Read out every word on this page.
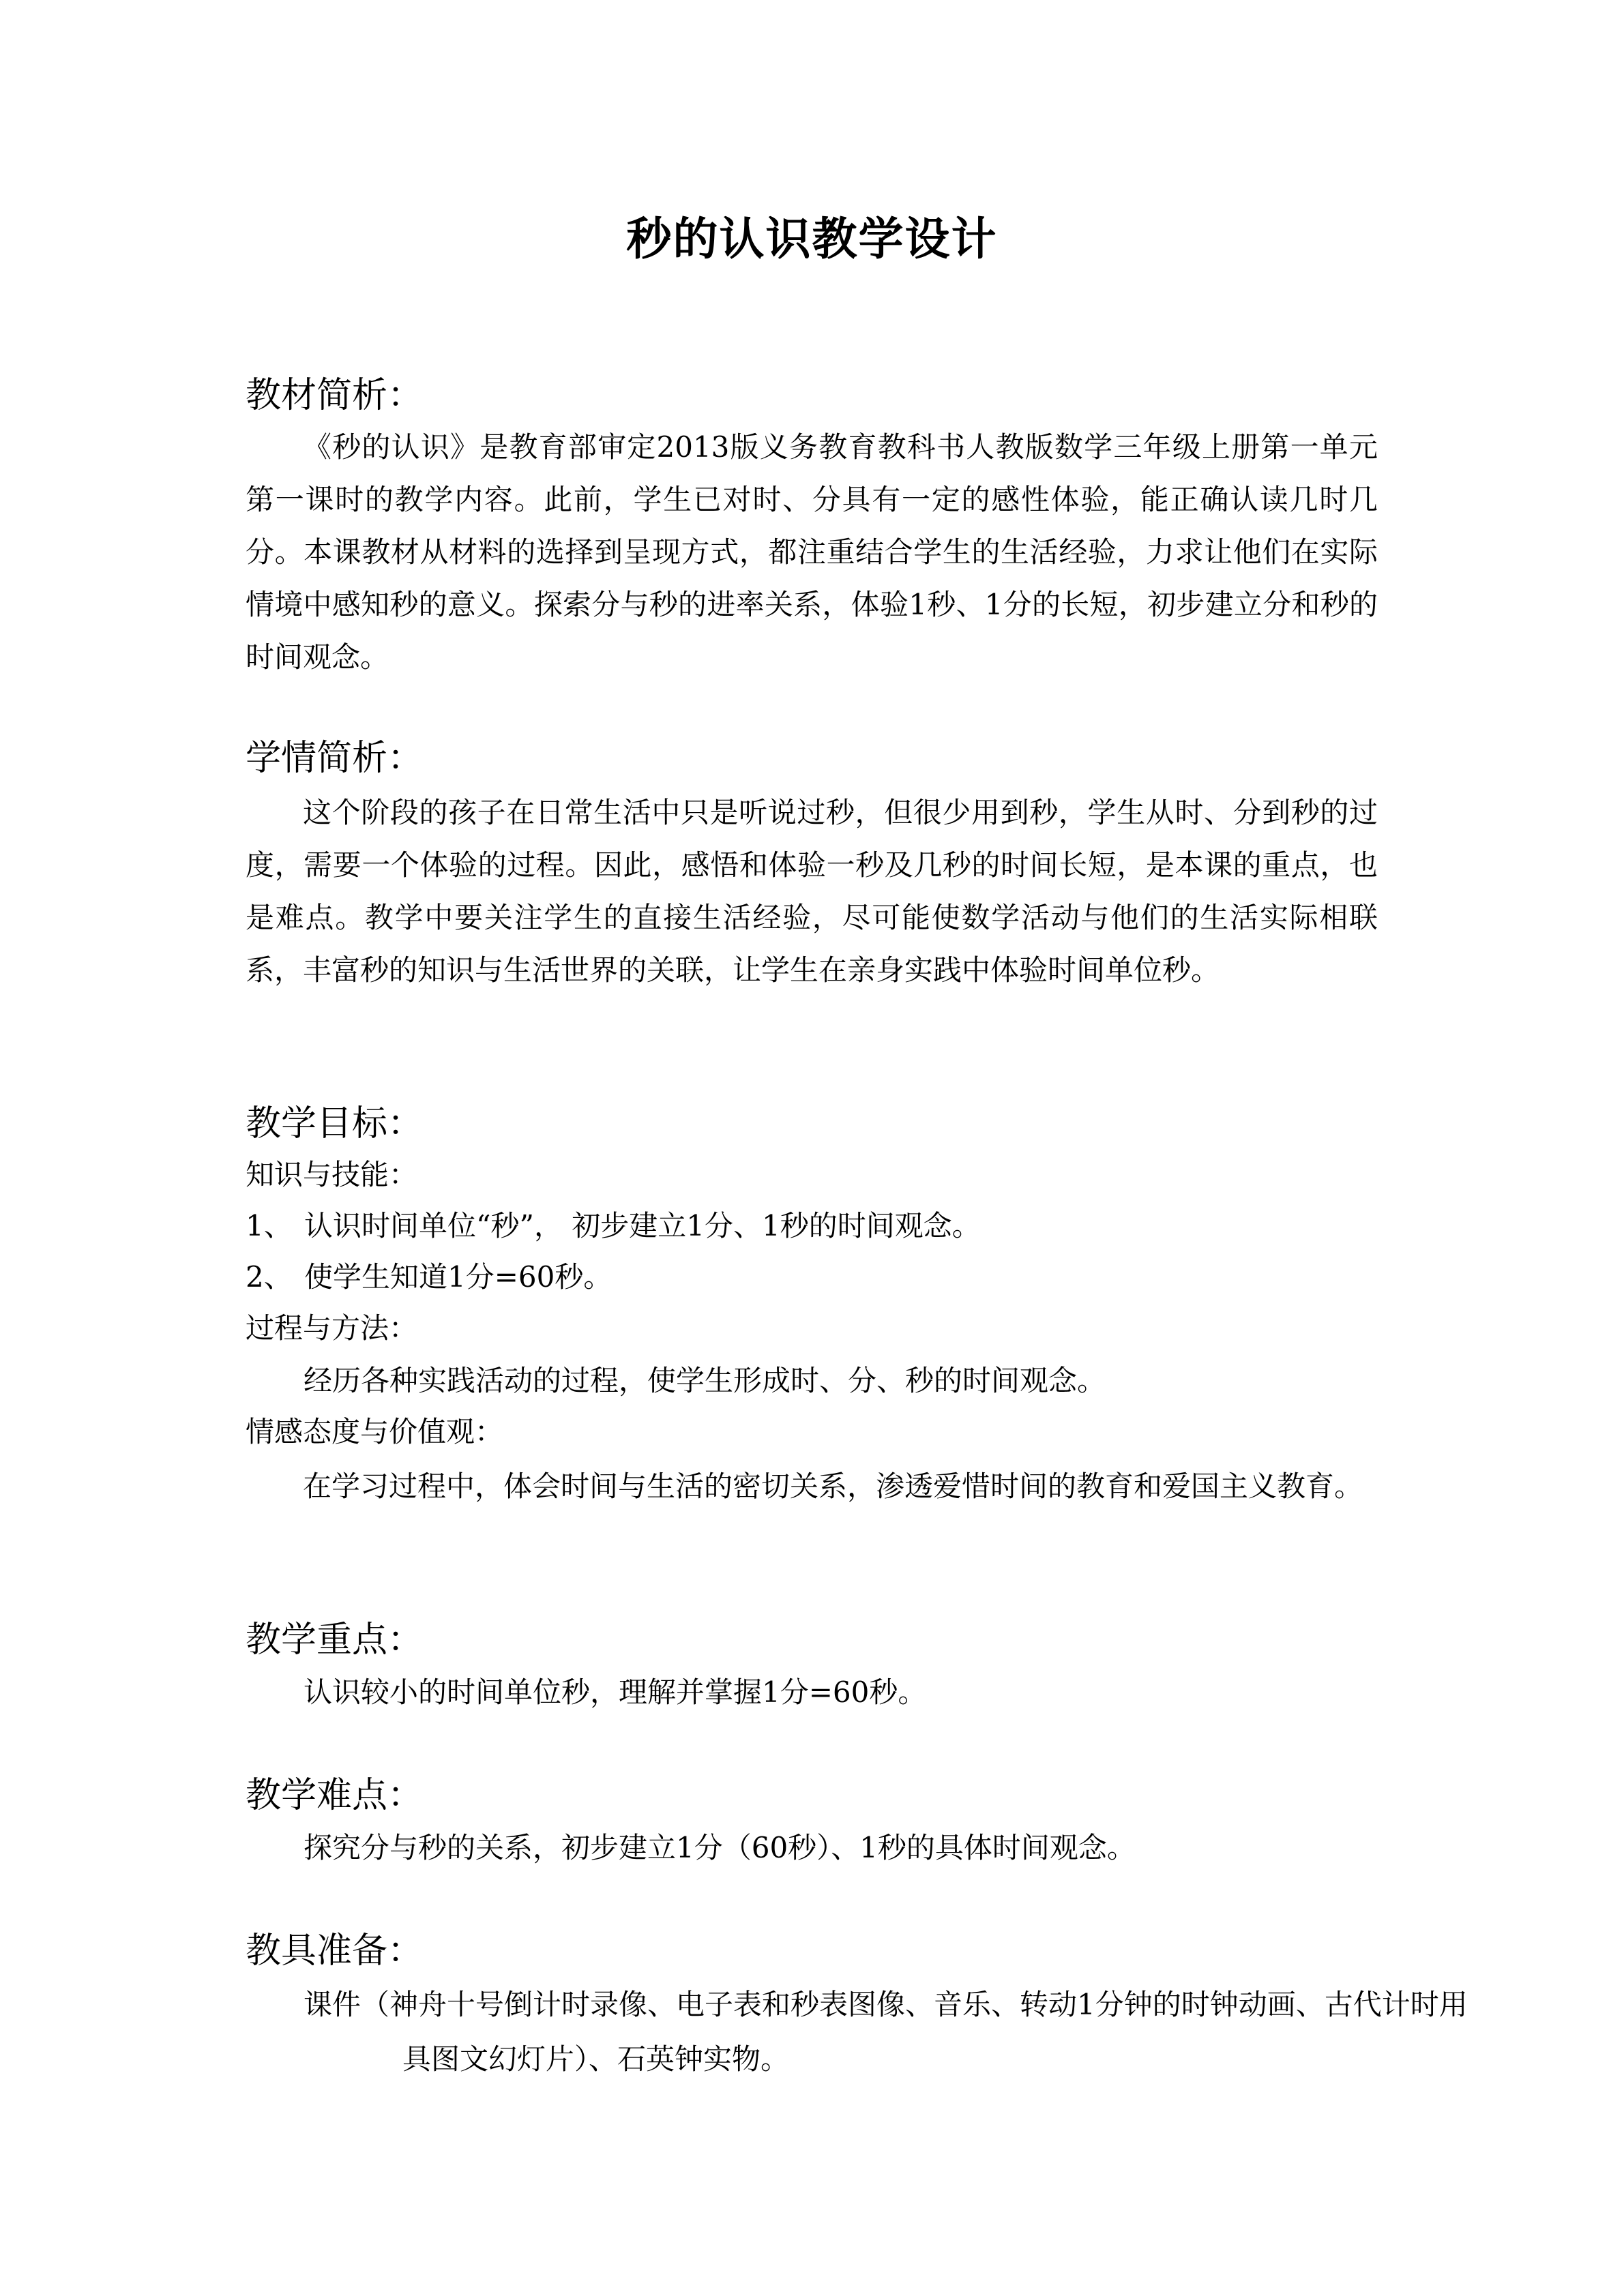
秒的认识教学设计
教材简析：
《秒的认识》是教育部审定2013版义务教育教科书人教版数学三年级上册第一单元第一课时的教学内容。此前，学生已对时、分具有一定的感性体验，能正确认读几时几分。本课教材从材料的选择到呈现方式，都注重结合学生的生活经验，力求让他们在实际情境中感知秒的意义。探索分与秒的进率关系，体验1秒、1分的长短，初步建立分和秒的时间观念。
学情简析：
这个阶段的孩子在日常生活中只是听说过秒，但很少用到秒，学生从时、分到秒的过度，需要一个体验的过程。因此，感悟和体验一秒及几秒的时间长短，是本课的重点，也是难点。教学中要关注学生的直接生活经验，尽可能使数学活动与他们的生活实际相联系，丰富秒的知识与生活世界的关联，让学生在亲身实践中体验时间单位秒。
教学目标：
知识与技能：
1、 认识时间单位“秒”， 初步建立1分、1秒的时间观念。
2、 使学生知道1分=60秒。
过程与方法：
经历各种实践活动的过程，使学生形成时、分、秒的时间观念。
情感态度与价值观：
在学习过程中，体会时间与生活的密切关系，渗透爱惜时间的教育和爱国主义教育。
教学重点：
认识较小的时间单位秒，理解并掌握1分=60秒。
教学难点：
探究分与秒的关系，初步建立1分（60秒）、1秒的具体时间观念。
教具准备：
课件（神舟十号倒计时录像、电子表和秒表图像、音乐、转动1分钟的时钟动画、古代计时用具图文幻灯片）、石英钟实物。
